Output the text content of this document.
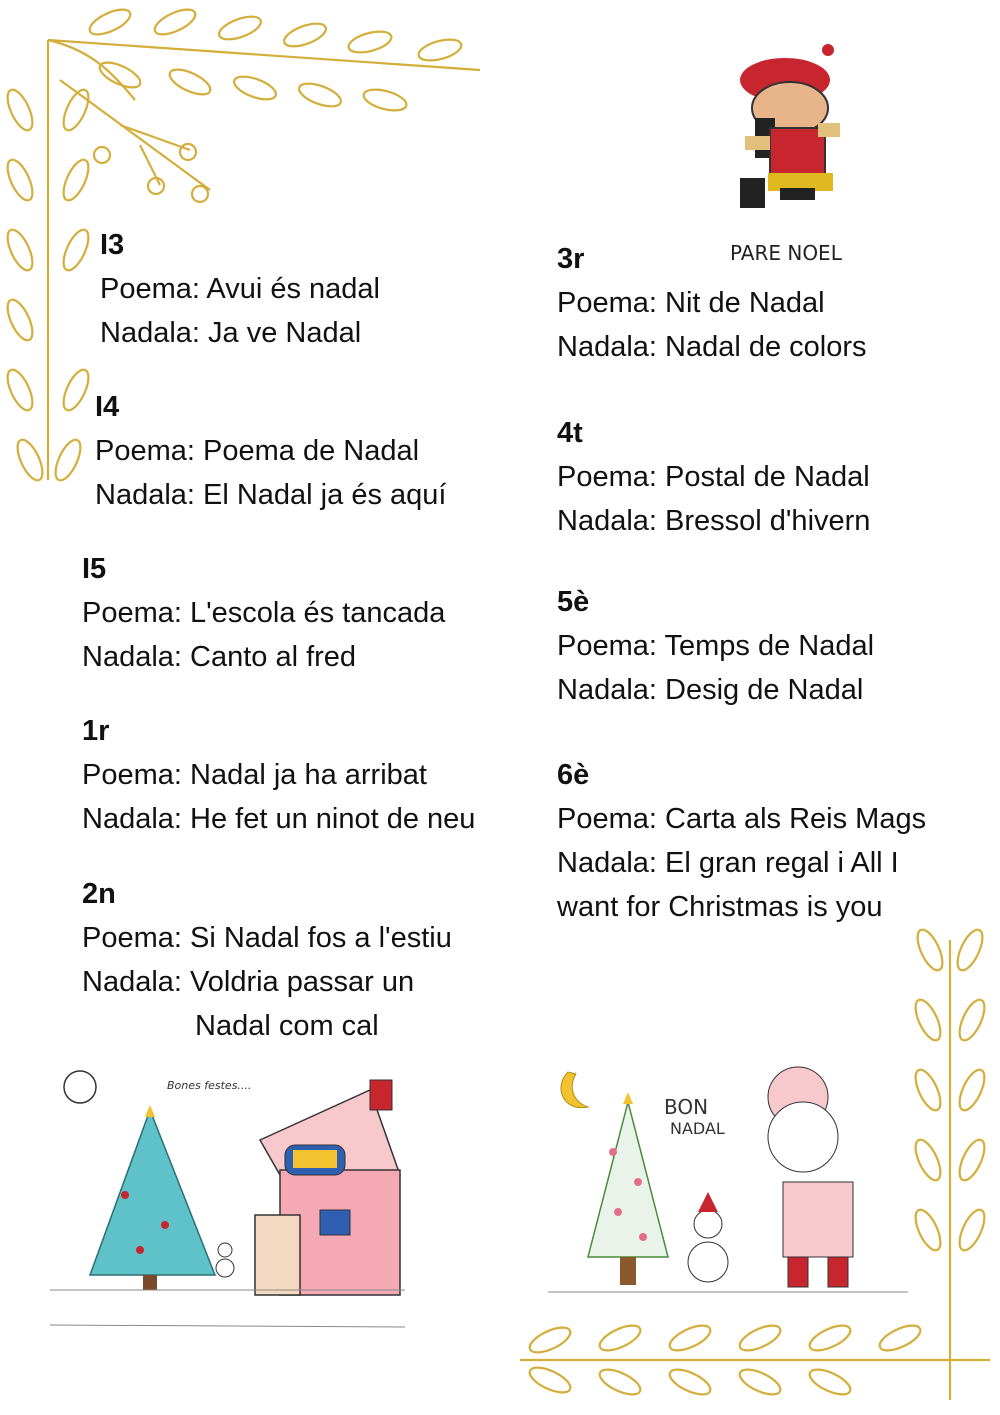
PARE NOEL
I3
Poema: Avui és nadal
Nadala: Ja ve Nadal
I4
Poema: Poema de Nadal
Nadala: El Nadal ja és aquí
I5
Poema: L'escola és tancada
Nadala: Canto al fred
1r
Poema: Nadal ja ha arribat
Nadala: He fet un ninot de neu
2n
Poema: Si Nadal fos a l'estiu
Nadala: Voldria passar un
Nadal com cal
3r
Poema: Nit de Nadal
Nadala: Nadal de colors
4t
Poema: Postal de Nadal
Nadala: Bressol d'hivern
5è
Poema: Temps de Nadal
Nadala: Desig de Nadal
6è
Poema: Carta als Reis Mags
Nadala: El gran regal i All I
want for Christmas is you
Bones festes....
BON
NADAL
